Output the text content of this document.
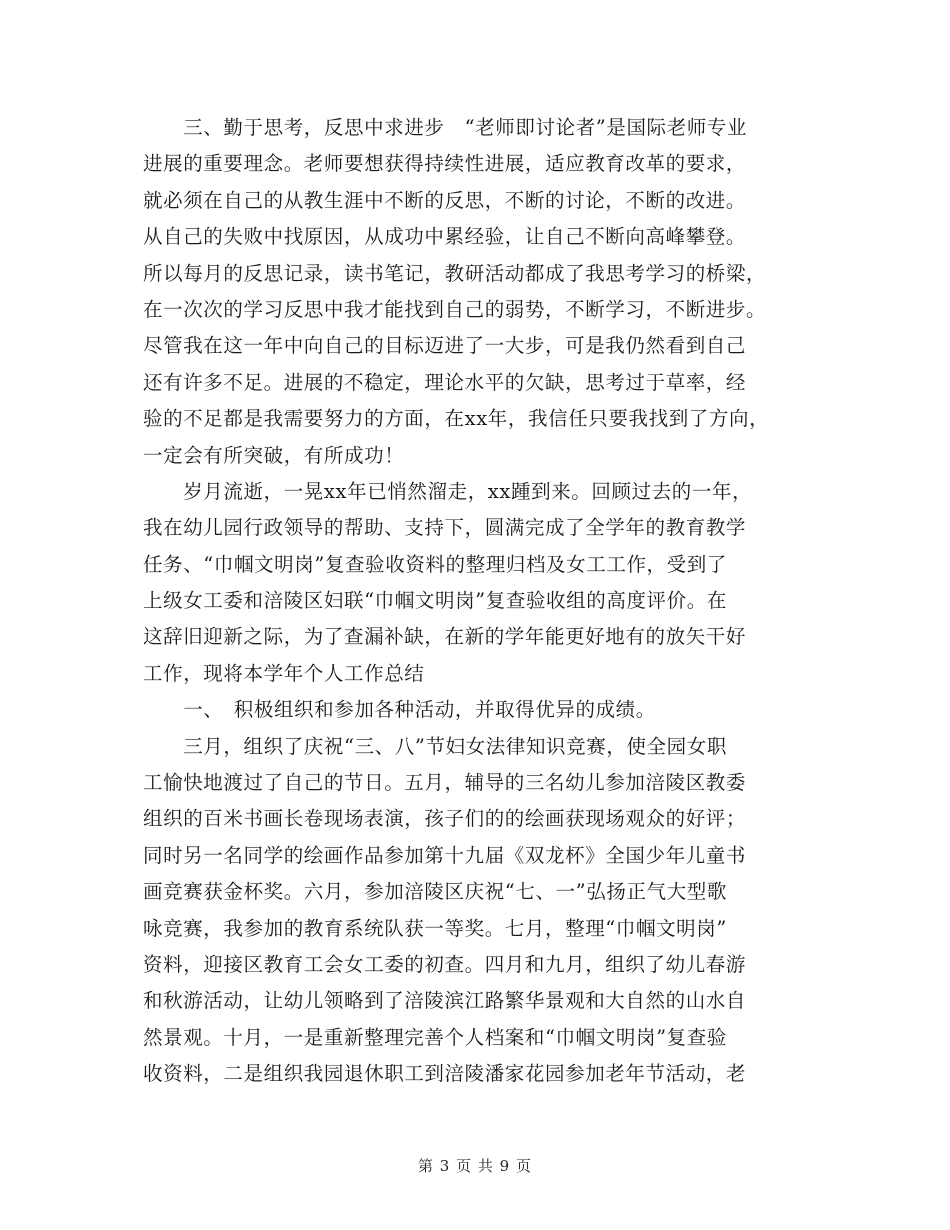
　　三、勤于思考，反思中求进步　“老师即讨论者”是国际老师专业
进展的重要理念。老师要想获得持续性进展，适应教育改革的要求，
就必须在自己的从教生涯中不断的反思，不断的讨论，不断的改进。
从自己的失败中找原因，从成功中累经验，让自己不断向高峰攀登。
所以每月的反思记录，读书笔记，教研活动都成了我思考学习的桥梁，
在一次次的学习反思中我才能找到自己的弱势，不断学习，不断进步。
尽管我在这一年中向自己的目标迈进了一大步，可是我仍然看到自己
还有许多不足。进展的不稳定，理论水平的欠缺，思考过于草率，经
验的不足都是我需要努力的方面，在xx年，我信任只要我找到了方向，
一定会有所突破，有所成功！
　　岁月流逝，一晃xx年已悄然溜走，xx踵到来。回顾过去的一年，
我在幼儿园行政领导的帮助、支持下，圆满完成了全学年的教育教学
任务、“巾帼文明岗”复查验收资料的整理归档及女工工作，受到了
上级女工委和涪陵区妇联“巾帼文明岗”复查验收组的高度评价。在
这辞旧迎新之际，为了查漏补缺，在新的学年能更好地有的放矢干好
工作，现将本学年个人工作总结
　　一、　积极组织和参加各种活动，并取得优异的成绩。
　　三月，组织了庆祝“三、八”节妇女法律知识竞赛，使全园女职
工愉快地渡过了自己的节日。五月，辅导的三名幼儿参加涪陵区教委
组织的百米书画长卷现场表演，孩子们的的绘画获现场观众的好评；
同时另一名同学的绘画作品参加第十九届《双龙杯》全国少年儿童书
画竞赛获金杯奖。六月，参加涪陵区庆祝“七、一”弘扬正气大型歌
咏竞赛，我参加的教育系统队获一等奖。七月，整理“巾帼文明岗”
资料，迎接区教育工会女工委的初查。四月和九月，组织了幼儿春游
和秋游活动，让幼儿领略到了涪陵滨江路繁华景观和大自然的山水自
然景观。十月，一是重新整理完善个人档案和“巾帼文明岗”复查验
收资料，二是组织我园退休职工到涪陵潘家花园参加老年节活动，老
第 3 页 共 9 页
